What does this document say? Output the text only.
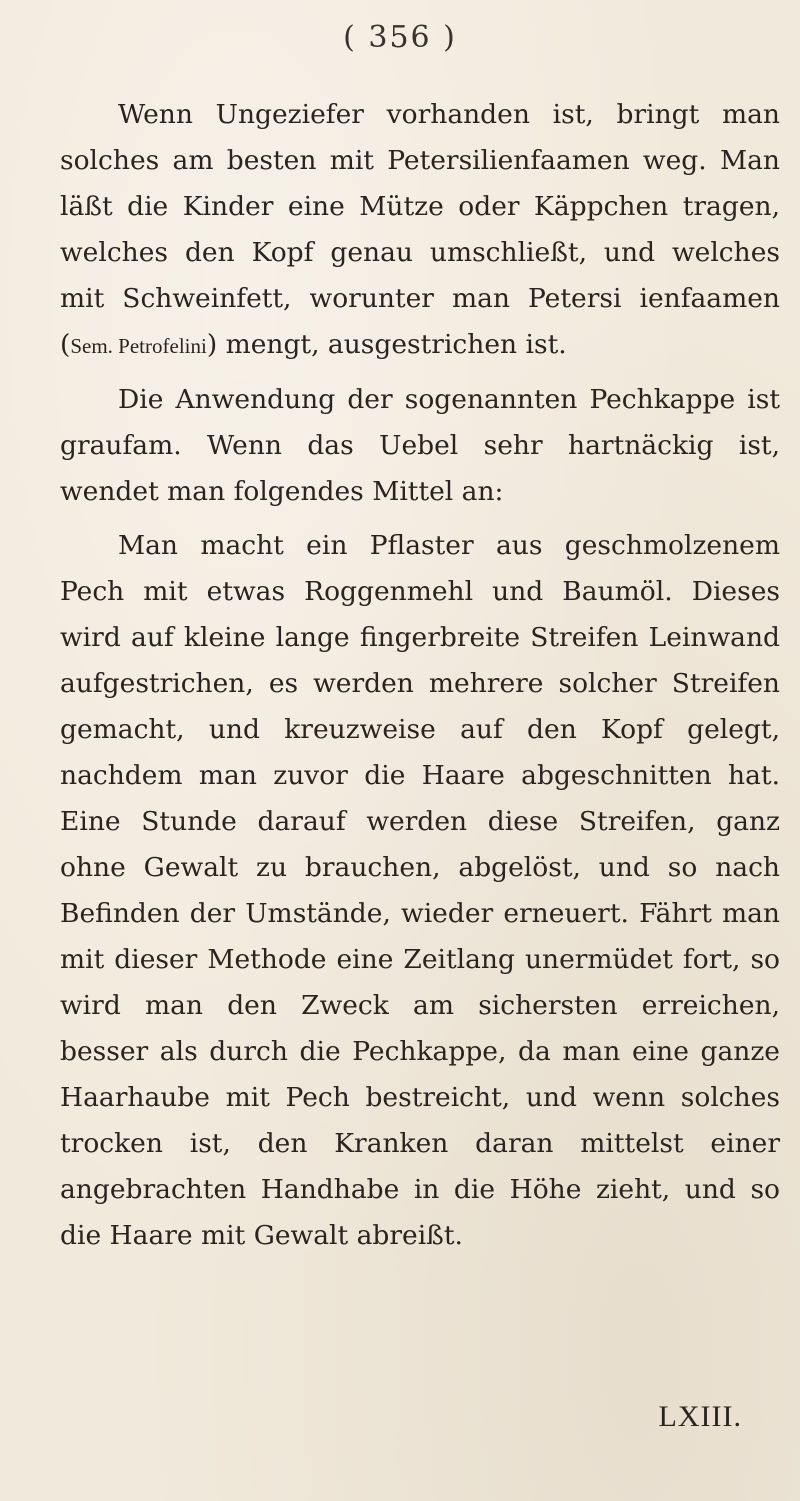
( 356 )

Wenn Ungeziefer vorhanden ist, bringt man solches am besten mit Petersilienfaamen weg. Man läßt die Kinder eine Mütze oder Käppchen tragen, welches den Kopf genau umschließt, und welches mit Schweinfett, worunter man Petersi ienfaamen (Sem. Petrofelini) mengt, ausgestrichen ist.

Die Anwendung der sogenannten Pechkappe ist graufam. Wenn das Uebel sehr hartnäckig ist, wendet man folgendes Mittel an:

Man macht ein Pflaster aus geschmolzenem Pech mit etwas Roggenmehl und Baumöl. Dieses wird auf kleine lange fingerbreite Streifen Leinwand aufgestrichen, es werden mehrere solcher Streifen gemacht, und kreuzweise auf den Kopf gelegt, nachdem man zuvor die Haare abgeschnitten hat. Eine Stunde darauf werden diese Streifen, ganz ohne Gewalt zu brauchen, abgelöst, und so nach Befinden der Umstände, wieder erneuert. Fährt man mit dieser Methode eine Zeitlang unermüdet fort, so wird man den Zweck am sichersten erreichen, besser als durch die Pechkappe, da man eine ganze Haarhaube mit Pech bestreicht, und wenn solches trocken ist, den Kranken daran mittelst einer angebrachten Handhabe in die Höhe zieht, und so die Haare mit Gewalt abreißt.

LXIII.
